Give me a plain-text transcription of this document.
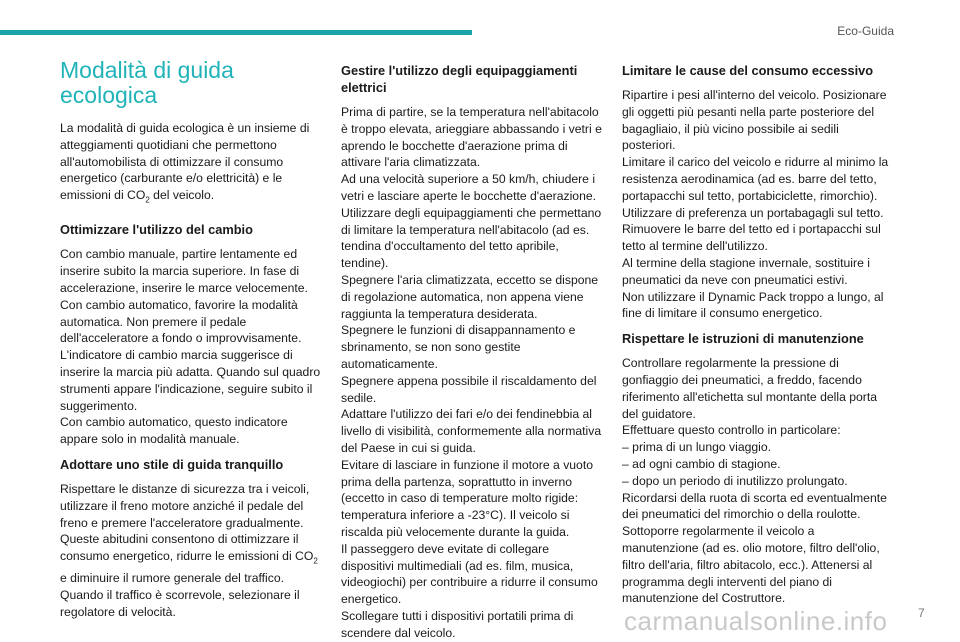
Eco-Guida
Modalità di guida ecologica

La modalità di guida ecologica è un insieme di atteggiamenti quotidiani che permettono all'automobilista di ottimizzare il consumo energetico (carburante e/o elettricità) e le emissioni di $CO_2$ del veicolo.

Ottimizzare l'utilizzo del cambio

Con cambio manuale, partire lentamente ed inserire subito la marcia superiore. In fase di accelerazione, inserire le marce velocemente.

Con cambio automatico, favorire la modalità automatica. Non premere il pedale dell'acceleratore a fondo o improvvisamente.

L'indicatore di cambio marcia suggerisce di inserire la marcia più adatta. Quando sul quadro strumenti appare l'indicazione, seguire subito il suggerimento.

Con cambio automatico, questo indicatore appare solo in modalità manuale.

Adottare uno stile di guida tranquillo

Rispettare le distanze di sicurezza tra i veicoli, utilizzare il freno motore anziché il pedale del freno e premere l'acceleratore gradualmente.

Queste abitudini consentono di ottimizzare il consumo energetico, ridurre le emissioni di $CO_2$ e diminuire il rumore generale del traffico.

Quando il traffico è scorrevole, selezionare il regolatore di velocità.

Gestire l'utilizzo degli equipaggiamenti elettrici

Prima di partire, se la temperatura nell'abitacolo è troppo elevata, arieggiare abbassando i vetri e aprendo le bocchette d'aerazione prima di attivare l'aria climatizzata.

Ad una velocità superiore a 50 km/h, chiudere i vetri e lasciare aperte le bocchette d'aerazione.

Utilizzare degli equipaggiamenti che permettano di limitare la temperatura nell'abitacolo (ad es. tendina d'occultamento del tetto apribile, tendine).

Spegnere l'aria climatizzata, eccetto se dispone di regolazione automatica, non appena viene raggiunta la temperatura desiderata.

Spegnere le funzioni di disappannamento e sbrinamento, se non sono gestite automaticamente.

Spegnere appena possibile il riscaldamento del sedile.

Adattare l'utilizzo dei fari e/o dei fendinebbia al livello di visibilità, conformemente alla normativa del Paese in cui si guida.

Evitare di lasciare in funzione il motore a vuoto prima della partenza, soprattutto in inverno (eccetto in caso di temperature molto rigide: temperatura inferiore a -23°C). Il veicolo si riscalda più velocemente durante la guida.

Il passeggero deve evitate di collegare dispositivi multimediali (ad es. film, musica, videogiochi) per contribuire a ridurre il consumo energetico.

Scollegare tutti i dispositivi portatili prima di scendere dal veicolo.

Limitare le cause del consumo eccessivo

Ripartire i pesi all'interno del veicolo. Posizionare gli oggetti più pesanti nella parte posteriore del bagagliaio, il più vicino possibile ai sedili posteriori.

Limitare il carico del veicolo e ridurre al minimo la resistenza aerodinamica (ad es. barre del tetto, portapacchi sul tetto, portabiciclette, rimorchio). Utilizzare di preferenza un portabagagli sul tetto.

Rimuovere le barre del tetto ed i portapacchi sul tetto al termine dell'utilizzo.

Al termine della stagione invernale, sostituire i pneumatici da neve con pneumatici estivi.

Non utilizzare il Dynamic Pack troppo a lungo, al fine di limitare il consumo energetico.

Rispettare le istruzioni di manutenzione

Controllare regolarmente la pressione di gonfiaggio dei pneumatici, a freddo, facendo riferimento all'etichetta sul montante della porta del guidatore.

Effettuare questo controllo in particolare:

– prima di un lungo viaggio.

– ad ogni cambio di stagione.

– dopo un periodo di inutilizzo prolungato.

Ricordarsi della ruota di scorta ed eventualmente dei pneumatici del rimorchio o della roulotte.

Sottoporre regolarmente il veicolo a manutenzione (ad es. olio motore, filtro dell'olio, filtro dell'aria, filtro abitacolo, ecc.). Attenersi al programma degli interventi del piano di manutenzione del Costruttore.

carmanualsonline.info	7
